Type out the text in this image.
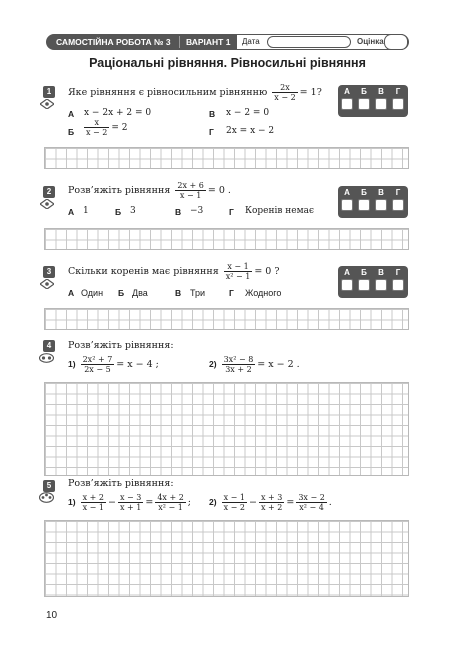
САМОСТІЙНА РОБОТА № 3 ВАРІАНТ 1 Дата	Оцінка
Раціональні рівняння. Рівносильні рівняння
1	Яке рівняння є рівносильним рівнянню $\frac{2x}{x - 2} = 1$?
А x − 2x + 2 = 0	В x − 2 = 0
Б $\frac{x}{x - 2} = 2$	Г 2x = x − 2
А	Б	В	Г
2	Розв’яжіть рівняння $\frac{2x + 6}{x - 1} = 0$ .
А 1	Б 3	В −3	Г Коренів немає
А	Б	В	Г
3	Скільки коренів має рівняння $\frac{x - 1}{\text{x² − 1}} = 0$ ?
А Один Б Два	В Три	Г Жодного
А	Б	В	Г
4	Розв’яжіть рівняння:
$1) \frac{\text{2x² + 7}}{2x - 5} = x - 4$ ;	$2) \frac{\text{3x² − 8}}{3x + 2} = x - 2$ .
5	Розв’яжіть рівняння:
$1) \frac{x + 2}{x - 1} - \frac{x - 3}{x + 1} = \frac{4x + 2}{\text{x² − 1}}$ ; $2) \frac{x - 1}{x - 2} - \frac{x + 3}{x + 2} = \frac{3x - 2}{\text{x² − 4}}$ .
10
